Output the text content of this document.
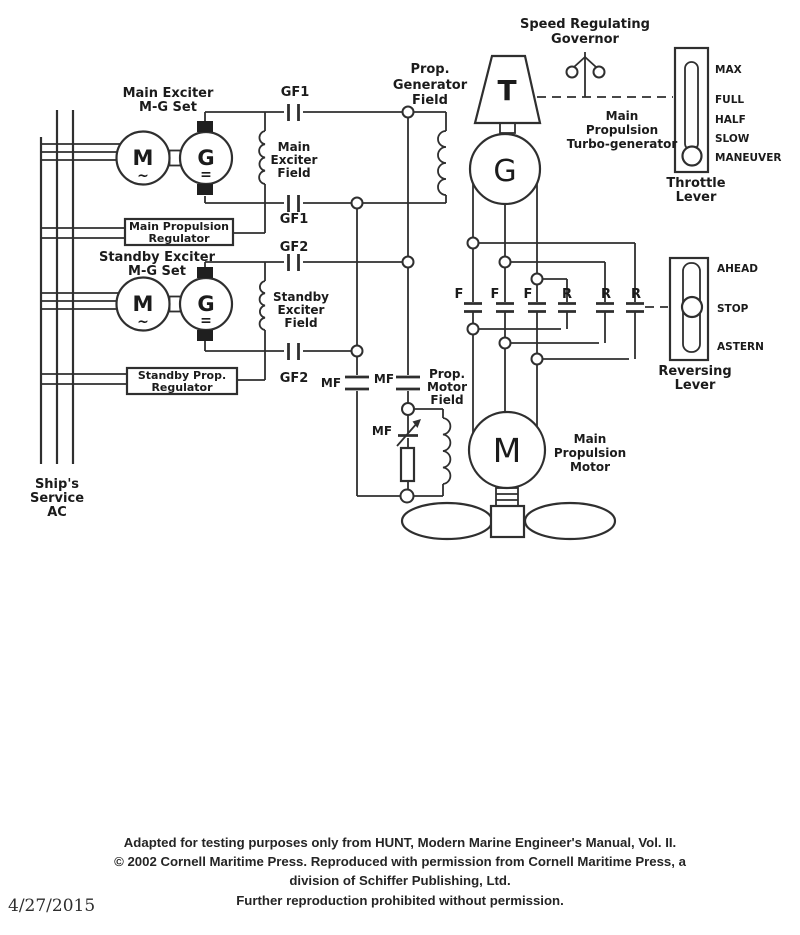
Main Propulsion
Regulator
Standby Prop.
Regulator
M
~
G
=
M
~
G
=
T
G
M
MAX
FULL
HALF
SLOW
MANEUVER
Throttle
Lever
AHEAD
STOP
ASTERN
Reversing
Lever
Speed Regulating
Governor
Prop.
Generator
Field
Main
Propulsion
Turbo-generator
Main Exciter
M-G Set
GF1
Main
Exciter
Field
GF1
GF2
Standby Exciter
M-G Set
Standby
Exciter
Field
GF2 MF	MF
MF
Prop.
Motor
Field
F F F R R R
Main
Propulsion
Motor
Ship's
Service
AC
Adapted for testing purposes only from HUNT, Modern Marine Engineer's Manual, Vol. II.
© 2002 Cornell Maritime Press. Reproduced with permission from Cornell Maritime Press, a
division of Schiffer Publishing, Ltd.
Further reproduction prohibited without permission.
4/27/2015
